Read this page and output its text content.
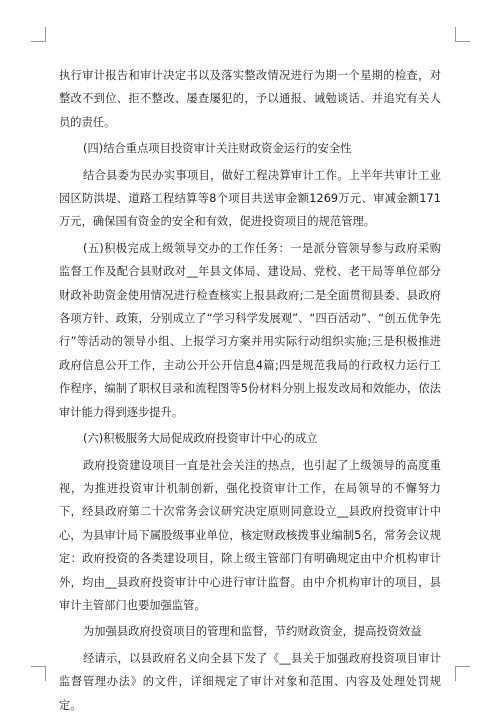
执行审计报告和审计决定书以及落实整改情况进行为期一个星期的检查，对整改不到位、拒不整改、屡查屡犯的，予以通报、诫勉谈话、并追究有关人员的责任。

(四)结合重点项目投资审计关注财政资金运行的安全性

结合县委为民办实事项目，做好工程决算审计工作。上半年共审计工业园区防洪堤、道路工程结算等8个项目共送审金额1269万元、审减金额171万元，确保国有资金的安全和有效，促进投资项目的规范管理。

(五)积极完成上级领导交办的工作任务：一是派分管领导参与政府采购监督工作及配合县财政对__年县文体局、建设局、党校、老干局等单位部分财政补助资金使用情况进行检查核实上报县政府;二是全面贯彻县委、县政府各项方针、政策，分别成立了“学习科学发展观”、“四百活动”、“创五优争先行”等活动的领导小组、上报学习方案并用实际行动组织实施;三是积极推进政府信息公开工作，主动公开公开信息4篇;四是规范我局的行政权力运行工作程序，编制了职权目录和流程图等5份材料分别上报发改局和效能办，依法审计能力得到逐步提升。

(六)积极服务大局促成政府投资审计中心的成立

政府投资建设项目一直是社会关注的热点，也引起了上级领导的高度重视，为推进投资审计机制创新，强化投资审计工作，在局领导的不懈努力下，经县政府第二十次常务会议研究决定原则同意设立__县政府投资审计中心，为县审计局下属股级事业单位，核定财政核拨事业编制5名，常务会议规定：政府投资的各类建设项目，除上级主管部门有明确规定由中介机构审计外，均由__县政府投资审计中心进行审计监督。由中介机构审计的项目，县审计主管部门也要加强监管。

为加强县政府投资项目的管理和监督，节约财政资金，提高投资效益

经请示，以县政府名义向全县下发了《__县关于加强政府投资项目审计监督管理办法》的文件，详细规定了审计对象和范围、内容及处理处罚规定。
